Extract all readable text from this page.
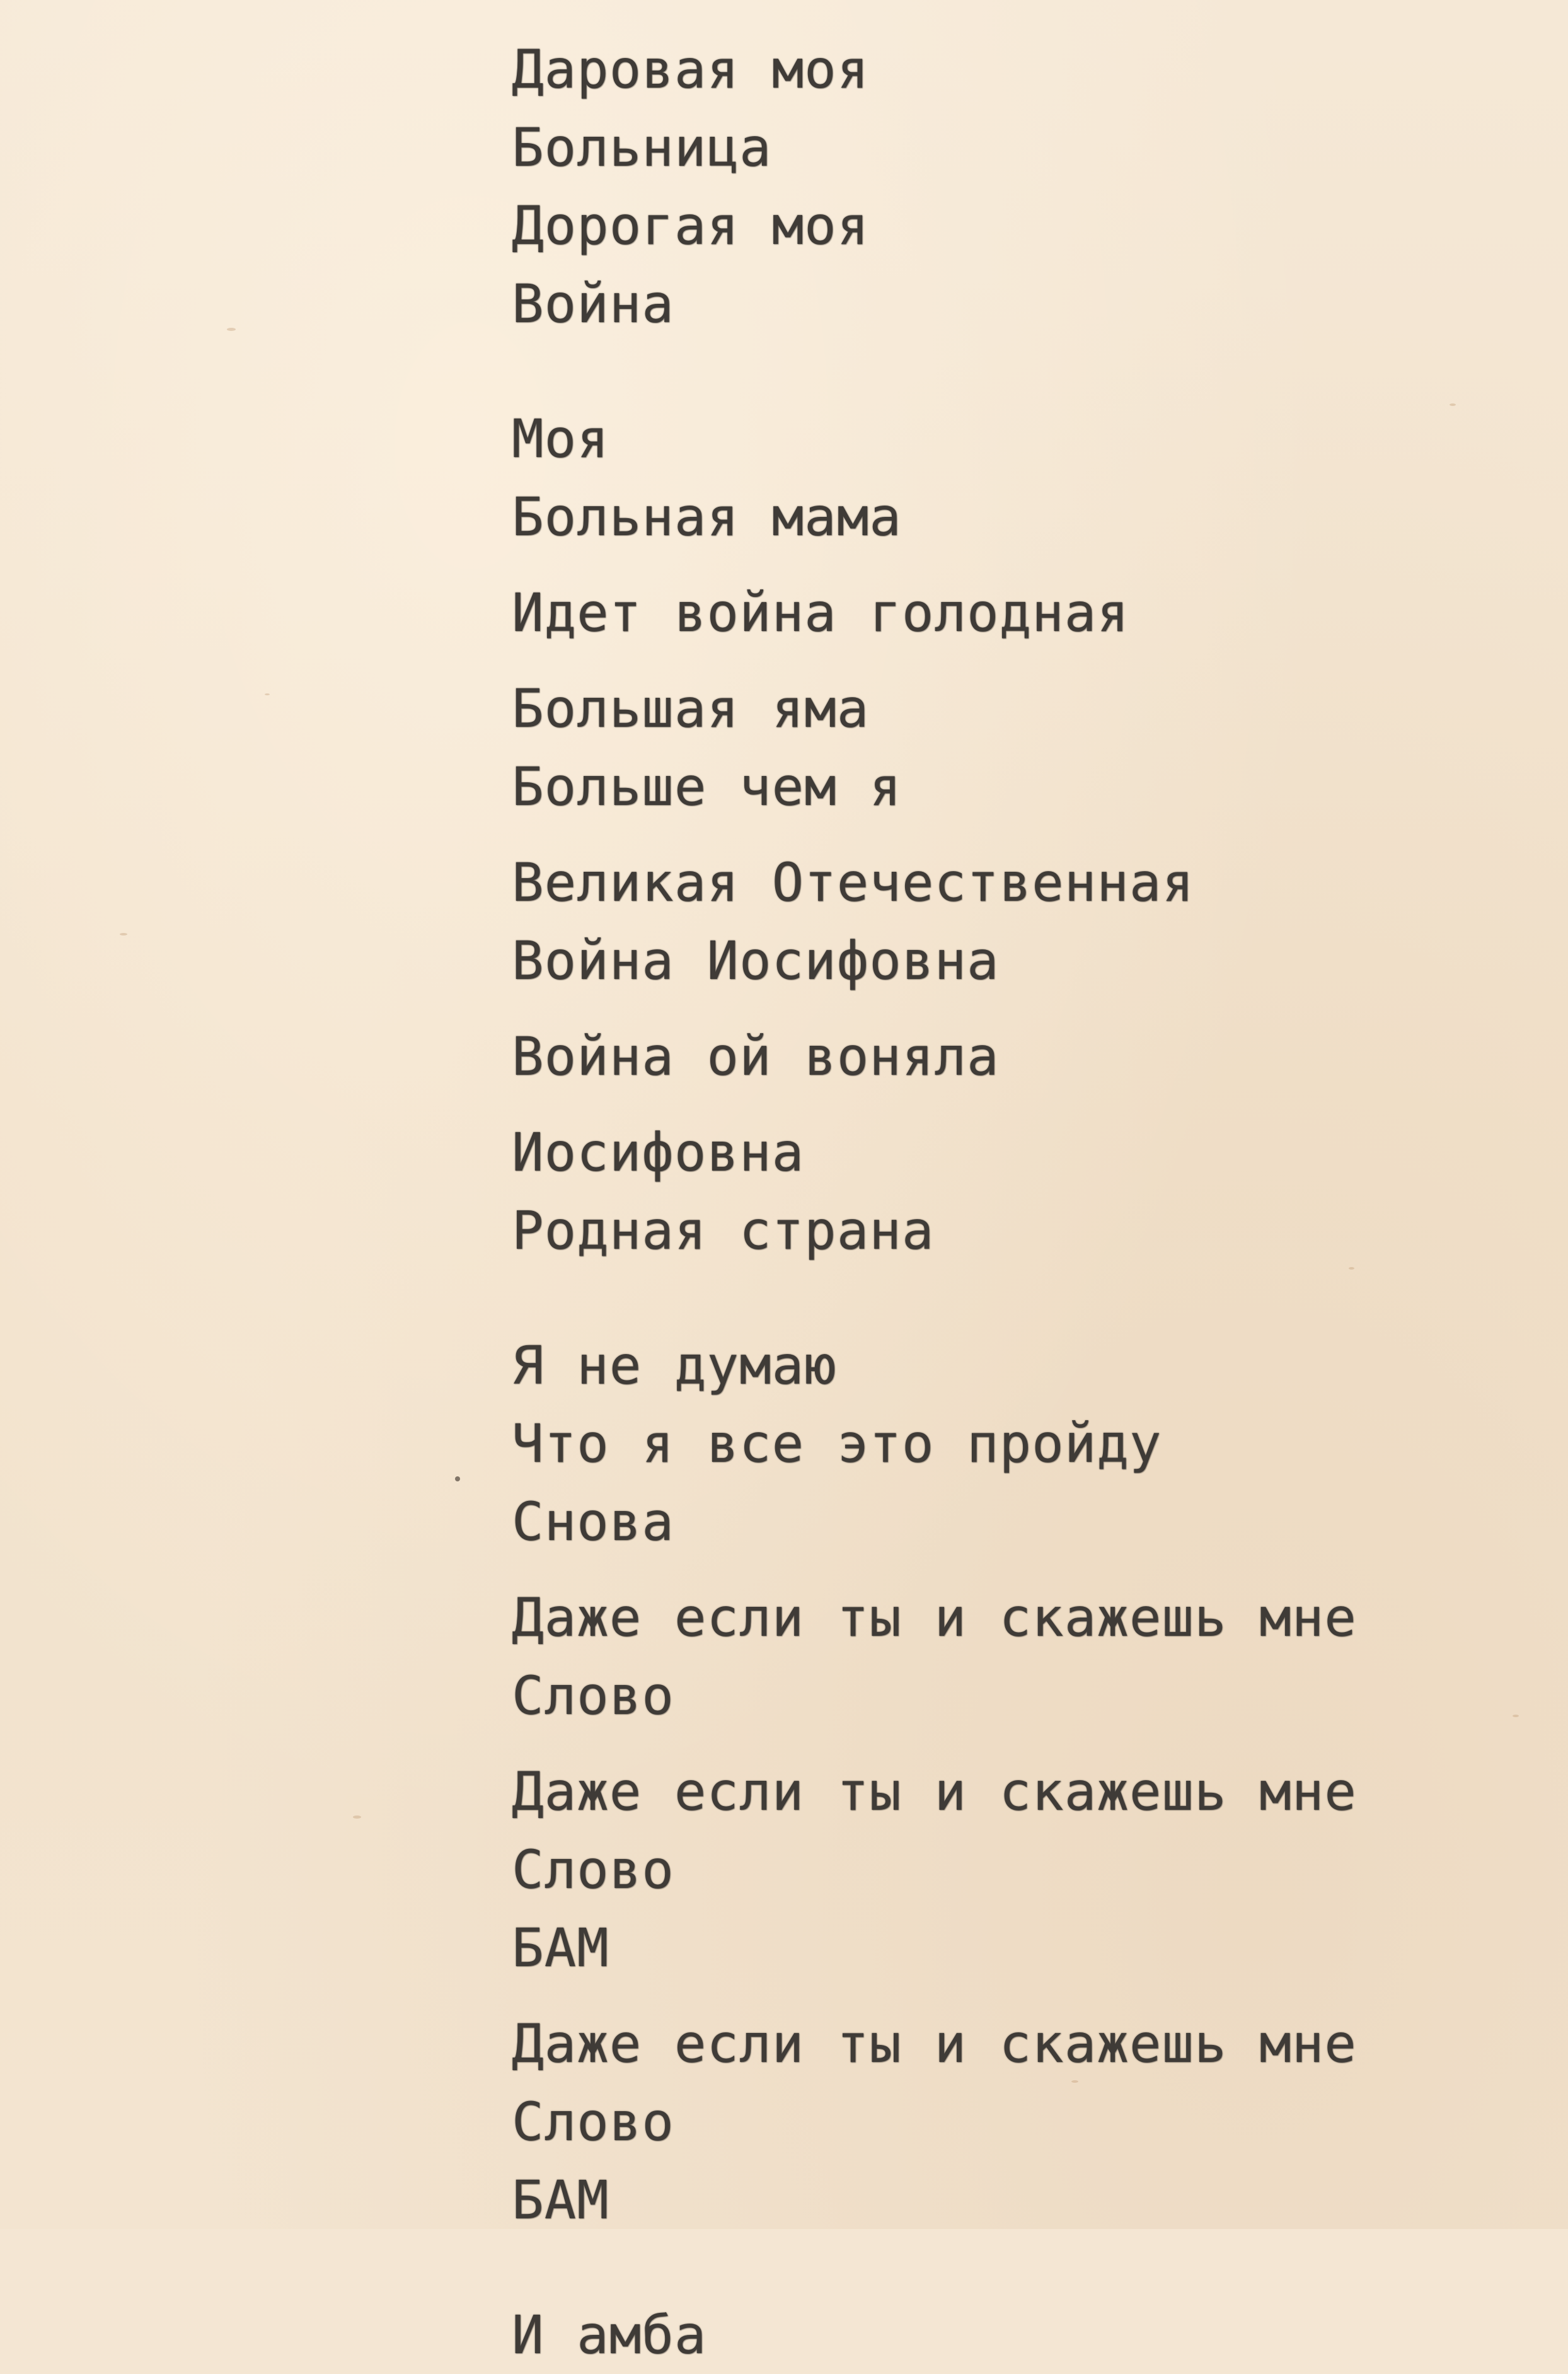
Даровая моя
Больница
Дорогая моя
Война
Моя
Больная мама
Идет война голодная
Большая яма
Больше чем я
Великая Отечественная
Война Иосифовна
Война ой воняла
Иосифовна
Родная страна
Я не думаю
Что я все это пройду
Снова
Даже если ты и скажешь мне
Слово
Даже если ты и скажешь мне
Слово
БАМ
Даже если ты и скажешь мне
Слово
БАМ
И амба
